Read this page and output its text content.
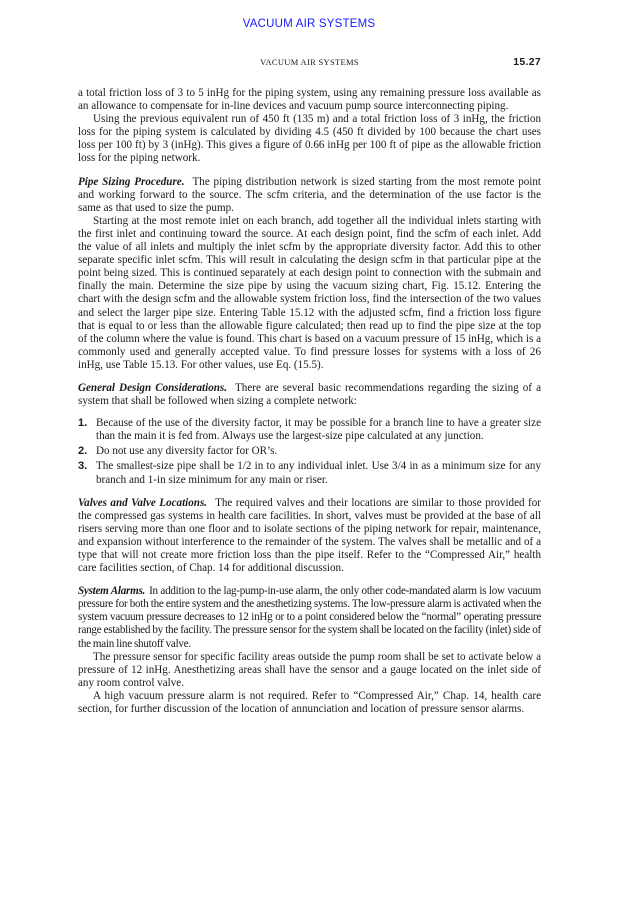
VACUUM AIR SYSTEMS
VACUUM AIR SYSTEMS	15.27

a total friction loss of 3 to 5 inHg for the piping system, using any remaining pressure loss available as an allowance to compensate for in-line devices and vacuum pump source interconnecting piping.

Using the previous equivalent run of 450 ft (135 m) and a total friction loss of 3 inHg, the friction loss for the piping system is calculated by dividing 4.5 (450 ft divided by 100 because the chart uses loss per 100 ft) by 3 (inHg). This gives a figure of 0.66 inHg per 100 ft of pipe as the allowable friction loss for the piping network.

Pipe Sizing Procedure. The piping distribution network is sized starting from the most remote point and working forward to the source. The scfm criteria, and the determination of the use factor is the same as that used to size the pump.

Starting at the most remote inlet on each branch, add together all the individual inlets starting with the first inlet and continuing toward the source. At each design point, find the scfm of each inlet. Add the value of all inlets and multiply the inlet scfm by the appropriate diversity factor. Add this to other separate specific inlet scfm. This will result in calculating the design scfm in that particular pipe at the point being sized. This is continued separately at each design point to connection with the submain and finally the main. Determine the size pipe by using the vacuum sizing chart, Fig. 15.12. Entering the chart with the design scfm and the allowable system friction loss, find the intersection of the two values and select the larger pipe size. Entering Table 15.12 with the adjusted scfm, find a friction loss figure that is equal to or less than the allowable figure calculated; then read up to find the pipe size at the top of the column where the value is found. This chart is based on a vacuum pressure of 15 inHg, which is a commonly used and generally accepted value. To find pressure losses for systems with a loss of 26 inHg, use Table 15.13. For other values, use Eq. (15.5).

General Design Considerations. There are several basic recommendations regarding the sizing of a system that shall be followed when sizing a complete network:

1. Because of the use of the diversity factor, it may be possible for a branch line to have a greater size than the main it is fed from. Always use the largest-size pipe calculated at any junction.
2. Do not use any diversity factor for OR’s.
3. The smallest-size pipe shall be 1/2 in to any individual inlet. Use 3/4 in as a minimum size for any branch and 1-in size minimum for any main or riser.

Valves and Valve Locations. The required valves and their locations are similar to those provided for the compressed gas systems in health care facilities. In short, valves must be provided at the base of all risers serving more than one floor and to isolate sections of the piping network for repair, maintenance, and expansion without interference to the remainder of the system. The valves shall be metallic and of a type that will not create more friction loss than the pipe itself. Refer to the “Compressed Air,” health care facilities section, of Chap. 14 for additional discussion.

System Alarms. In addition to the lag-pump-in-use alarm, the only other code-mandated alarm is low vacuum pressure for both the entire system and the anesthetizing systems. The low-pressure alarm is activated when the system vacuum pressure decreases to 12 inHg or to a point considered below the “normal” operating pressure range established by the facility. The pressure sensor for the system shall be located on the facility (inlet) side of the main line shutoff valve.

The pressure sensor for specific facility areas outside the pump room shall be set to activate below a pressure of 12 inHg. Anesthetizing areas shall have the sensor and a gauge located on the inlet side of any room control valve.

A high vacuum pressure alarm is not required. Refer to “Compressed Air,” Chap. 14, health care section, for further discussion of the location of annunciation and location of pressure sensor alarms.
